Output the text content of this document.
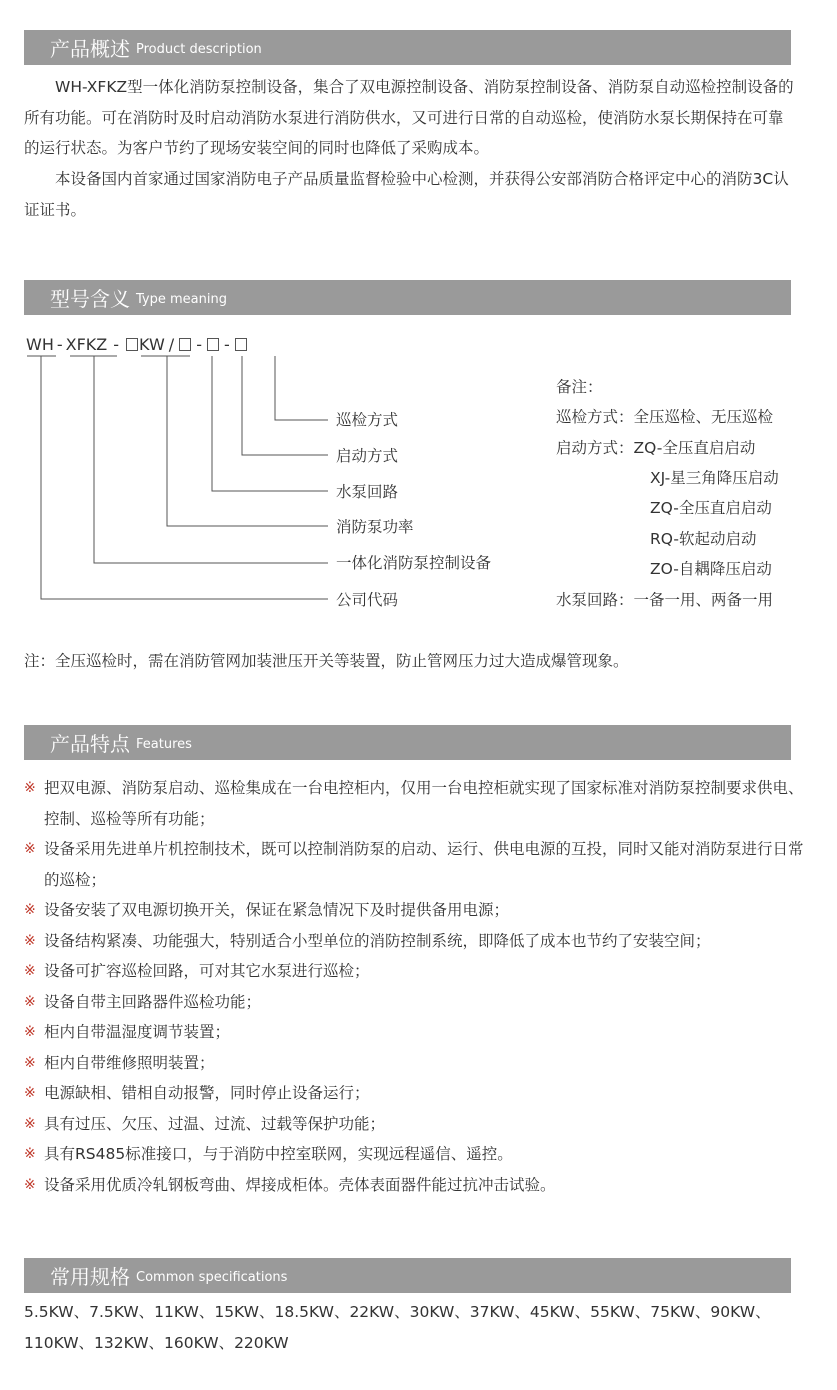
产品概述 Product description

WH-XFKZ型一体化消防泵控制设备，集合了双电源控制设备、消防泵控制设备、消防泵自动巡检控制设备的所有功能。可在消防时及时启动消防水泵进行消防供水，又可进行日常的自动巡检，使消防水泵长期保持在可靠的运行状态。为客户节约了现场安装空间的同时也降低了采购成本。

本设备国内首家通过国家消防电子产品质量监督检验中心检测，并获得公安部消防合格评定中心的消防3C认证证书。

型号含义 Type meaning
WH - XFKZ - KW / - -
巡检方式
启动方式
水泵回路
消防泵功率
一体化消防泵控制设备
公司代码
备注：
巡检方式：全压巡检、无压巡检
启动方式：ZQ-全压直启启动
XJ-星三角降压启动
ZQ-全压直启启动
RQ-软起动启动
ZO-自耦降压启动
水泵回路：一备一用、两备一用
注：全压巡检时，需在消防管网加装泄压开关等装置，防止管网压力过大造成爆管现象。
产品特点 Features
※ 把双电源、消防泵启动、巡检集成在一台电控柜内，仅用一台电控柜就实现了国家标准对消防泵控制要求供电、控制、巡检等所有功能；
※ 设备采用先进单片机控制技术，既可以控制消防泵的启动、运行、供电电源的互投，同时又能对消防泵进行日常的巡检；
※ 设备安装了双电源切换开关，保证在紧急情况下及时提供备用电源；
※ 设备结构紧凑、功能强大，特别适合小型单位的消防控制系统，即降低了成本也节约了安装空间；
※ 设备可扩容巡检回路，可对其它水泵进行巡检；
※ 设备自带主回路器件巡检功能；
※ 柜内自带温湿度调节装置；
※ 柜内自带维修照明装置；
※ 电源缺相、错相自动报警，同时停止设备运行；
※ 具有过压、欠压、过温、过流、过载等保护功能；
※ 具有RS485标准接口，与于消防中控室联网，实现远程遥信、遥控。
※ 设备采用优质冷轧钢板弯曲、焊接成柜体。壳体表面器件能过抗冲击试验。
常用规格 Common specifications

5.5KW、7.5KW、11KW、15KW、18.5KW、22KW、30KW、37KW、45KW、55KW、75KW、90KW、110KW、132KW、160KW、220KW
